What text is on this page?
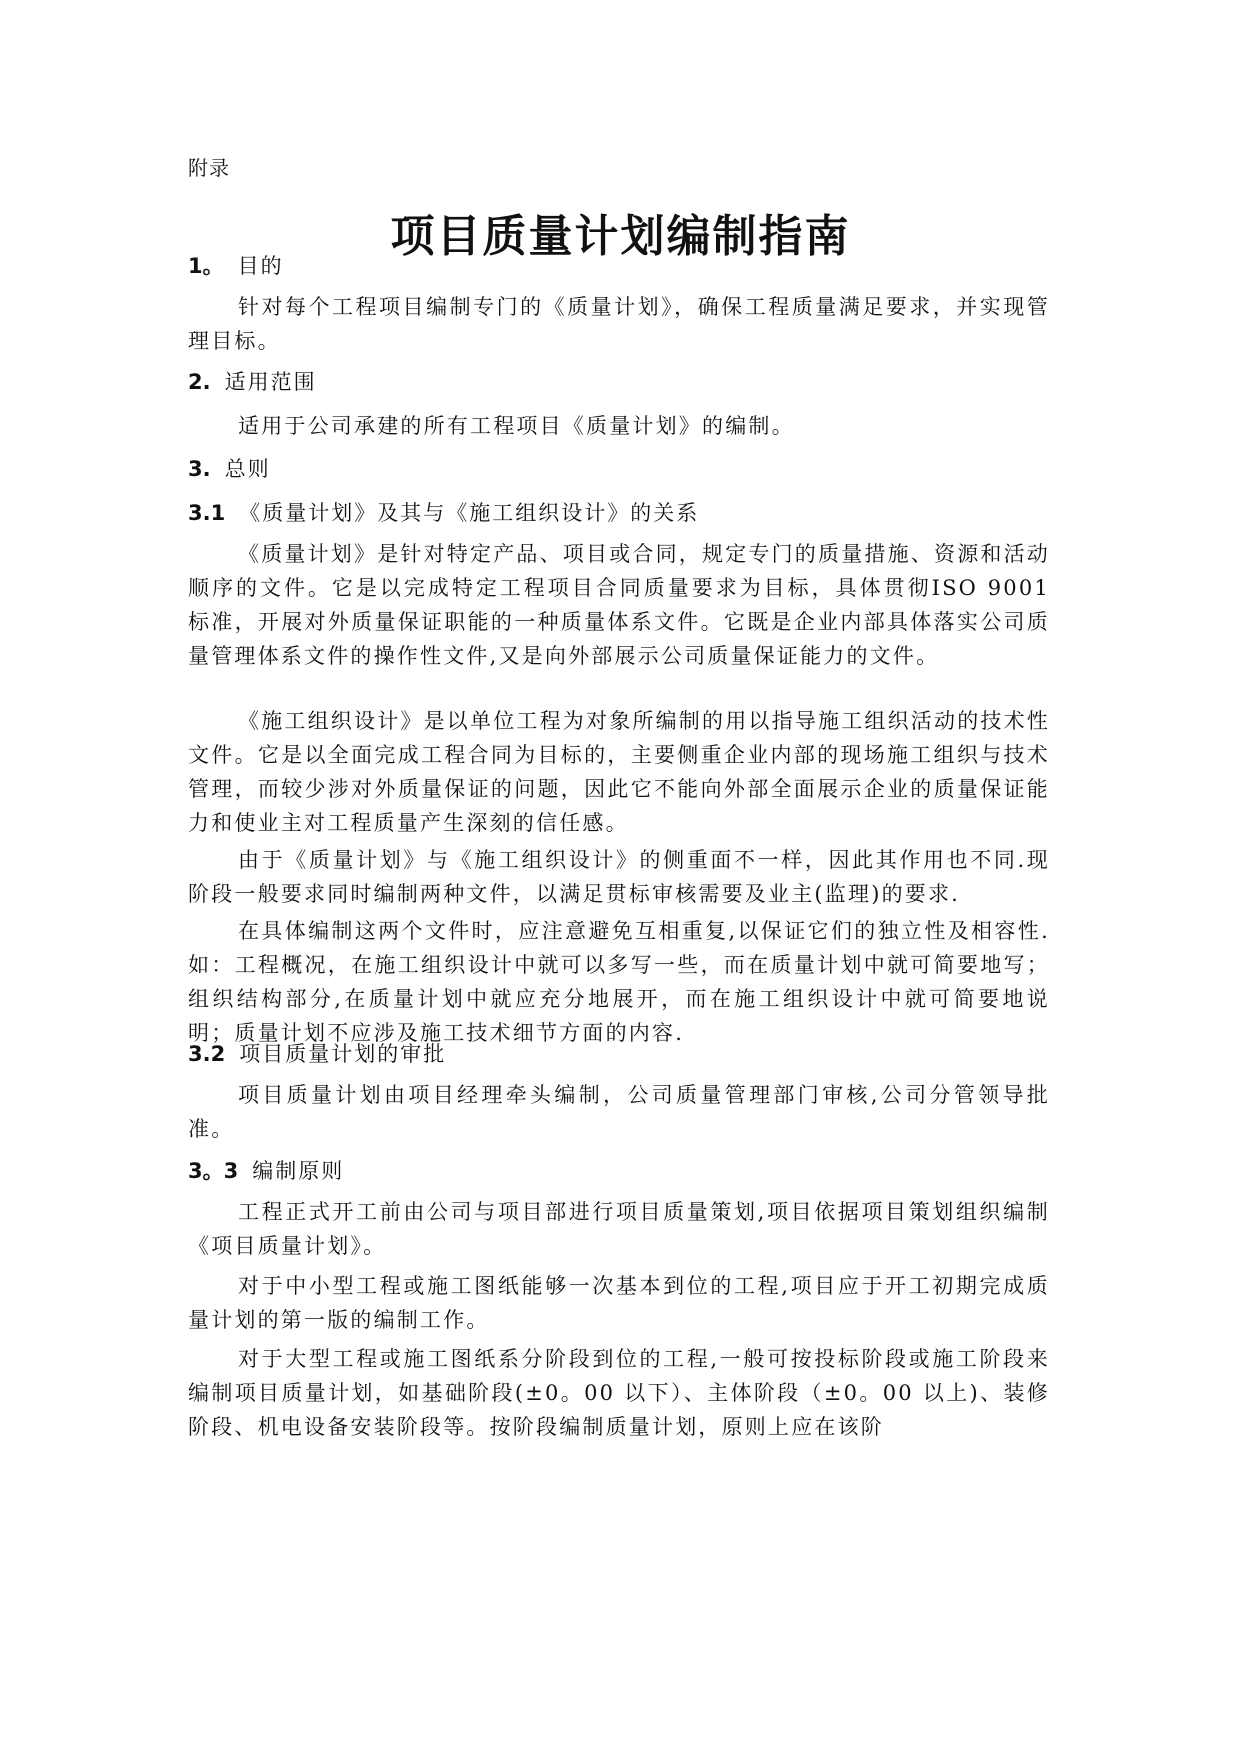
附录
项目质量计划编制指南
1。 目的
针对每个工程项目编制专门的《质量计划》，确保工程质量满足要求，并实现管理目标。
2. 适用范围
适用于公司承建的所有工程项目《质量计划》的编制。
3. 总则
3.1 《质量计划》及其与《施工组织设计》的关系
《质量计划》是针对特定产品、项目或合同，规定专门的质量措施、资源和活动顺序的文件。它是以完成特定工程项目合同质量要求为目标，具体贯彻ISO 9001 标准，开展对外质量保证职能的一种质量体系文件。它既是企业内部具体落实公司质量管理体系文件的操作性文件,又是向外部展示公司质量保证能力的文件。
《施工组织设计》是以单位工程为对象所编制的用以指导施工组织活动的技术性文件。它是以全面完成工程合同为目标的，主要侧重企业内部的现场施工组织与技术管理，而较少涉对外质量保证的问题，因此它不能向外部全面展示企业的质量保证能力和使业主对工程质量产生深刻的信任感。
由于《质量计划》与《施工组织设计》的侧重面不一样，因此其作用也不同.现阶段一般要求同时编制两种文件，以满足贯标审核需要及业主(监理)的要求.
在具体编制这两个文件时，应注意避免互相重复,以保证它们的独立性及相容性.如：工程概况，在施工组织设计中就可以多写一些，而在质量计划中就可简要地写；组织结构部分,在质量计划中就应充分地展开，而在施工组织设计中就可简要地说明；质量计划不应涉及施工技术细节方面的内容.
3.2 项目质量计划的审批
项目质量计划由项目经理牵头编制，公司质量管理部门审核,公司分管领导批准。
3。3 编制原则
工程正式开工前由公司与项目部进行项目质量策划,项目依据项目策划组织编制《项目质量计划》。
对于中小型工程或施工图纸能够一次基本到位的工程,项目应于开工初期完成质量计划的第一版的编制工作。
对于大型工程或施工图纸系分阶段到位的工程,一般可按投标阶段或施工阶段来编制项目质量计划，如基础阶段(±0。00 以下）、主体阶段（±0。00 以上)、装修阶段、机电设备安装阶段等。按阶段编制质量计划，原则上应在该阶
